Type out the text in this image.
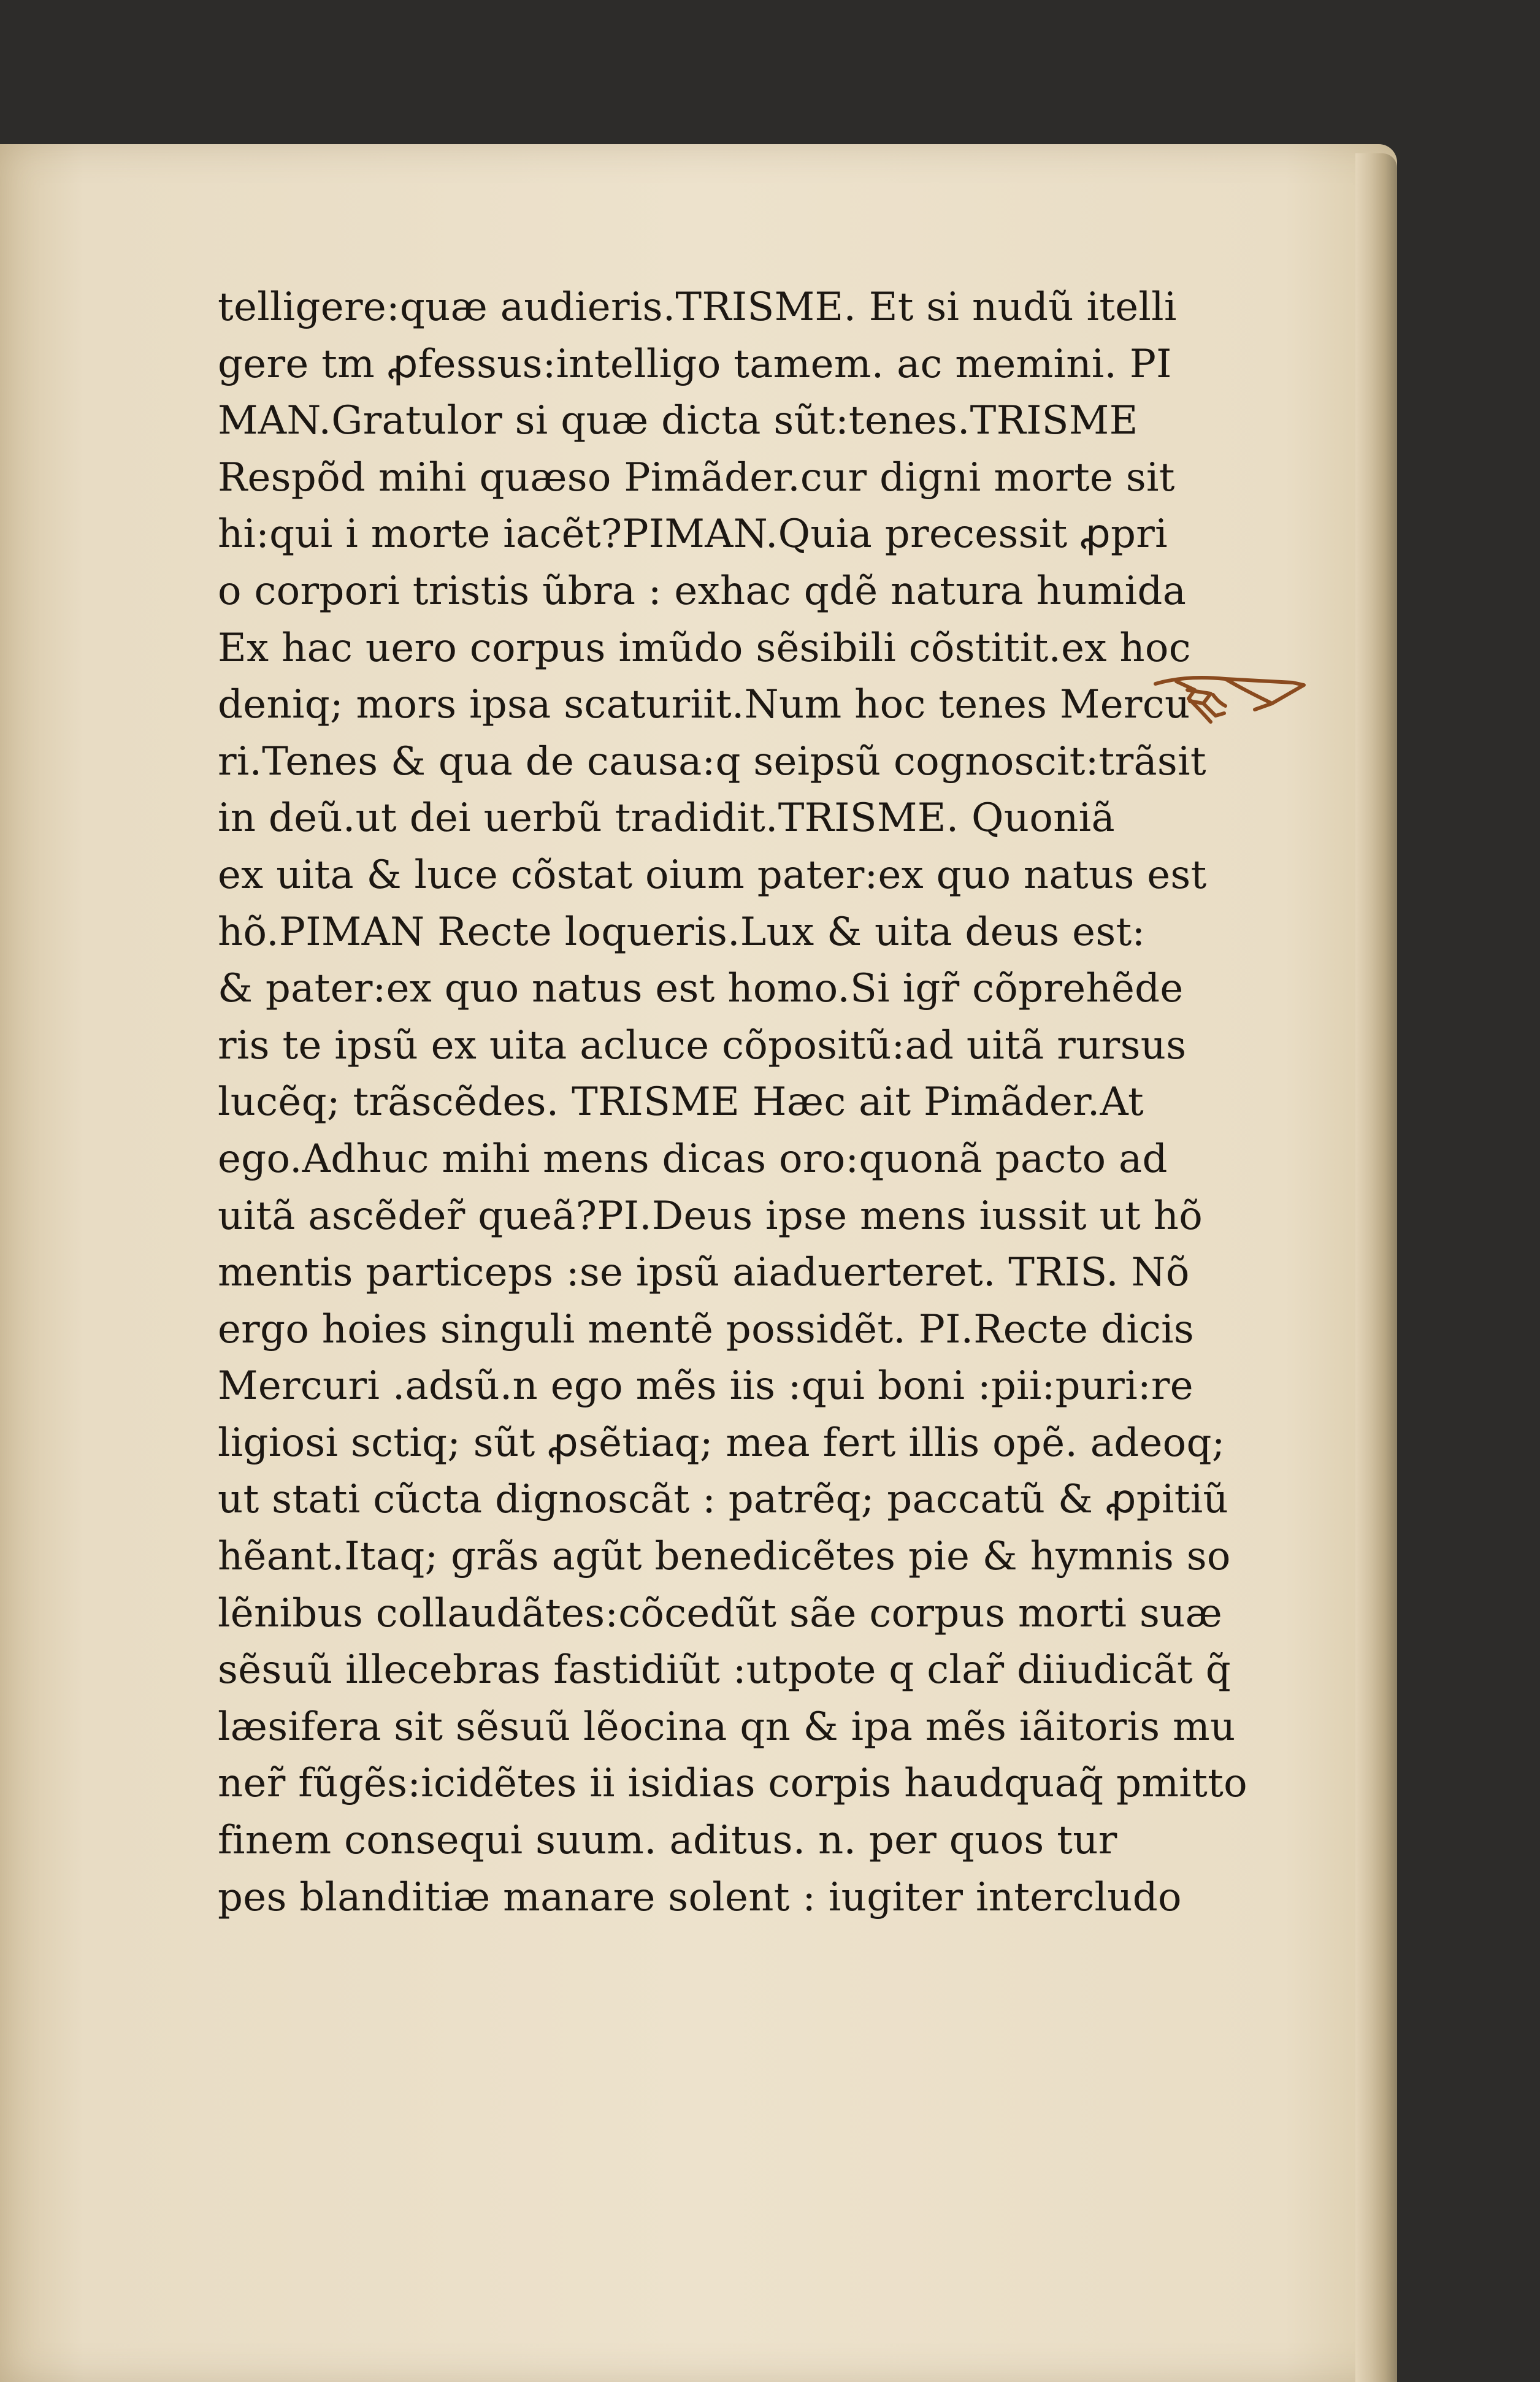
telligere:quæ audieris.TRISME. Et si nudũ itelli
gere tm ꝓfessus:intelligo tamem. ac memini. PI
MAN.Gratulor si quæ dicta sũt:tenes.TRISME
Respõd mihi quæso Pimãder.cur digni morte sit
hi:qui i morte iacẽt?PIMAN.Quia precessit ꝓpri
o corpori tristis ũbra : exhac qdẽ natura humida
Ex hac uero corpus imũdo sẽsibili cõstitit.ex hoc
deniq; mors ipsa scaturiit.Num hoc tenes Mercu
ri.Tenes & qua de causa:q seipsũ cognoscit:trãsit
in deũ.ut dei uerbũ tradidit.TRISME. Quoniã
ex uita & luce cõstat oium pater:ex quo natus est
hõ.PIMAN Recte loqueris.Lux & uita deus est:
& pater:ex quo natus est homo.Si igr̃ cõprehẽde
ris te ipsũ ex uita acluce cõpositũ:ad uitã rursus
lucẽq; trãscẽdes. TRISME Hæc ait Pimãder.At
ego.Adhuc mihi mens dicas oro:quonã pacto ad
uitã ascẽder̃ queã?PI.Deus ipse mens iussit ut hõ
mentis particeps :se ipsũ aiaduerteret. TRIS. Nõ
ergo hoies singuli mentẽ possidẽt. PI.Recte dicis
Mercuri .adsũ.n ego mẽs iis :qui boni :pii:puri:re
ligiosi sctiq; sũt ꝓsẽtiaq; mea fert illis opẽ. adeoq;
ut stati cũcta dignoscãt : patrẽq; paccatũ & ꝓpitiũ
hẽant.Itaq; grãs agũt benedicẽtes pie & hymnis so
lẽnibus collaudãtes:cõcedũt sãe corpus morti suæ
sẽsuũ illecebras fastidiũt :utpote q clar̃ diiudicãt q̃
læsifera sit sẽsuũ lẽocina qn & ipa mẽs iãitoris mu
ner̃ fũgẽs:icidẽtes ii isidias corpis haudquaq̃ pmitto
finem consequi suum. aditus. n. per quos tur
pes blanditiæ manare solent : iugiter intercludo
